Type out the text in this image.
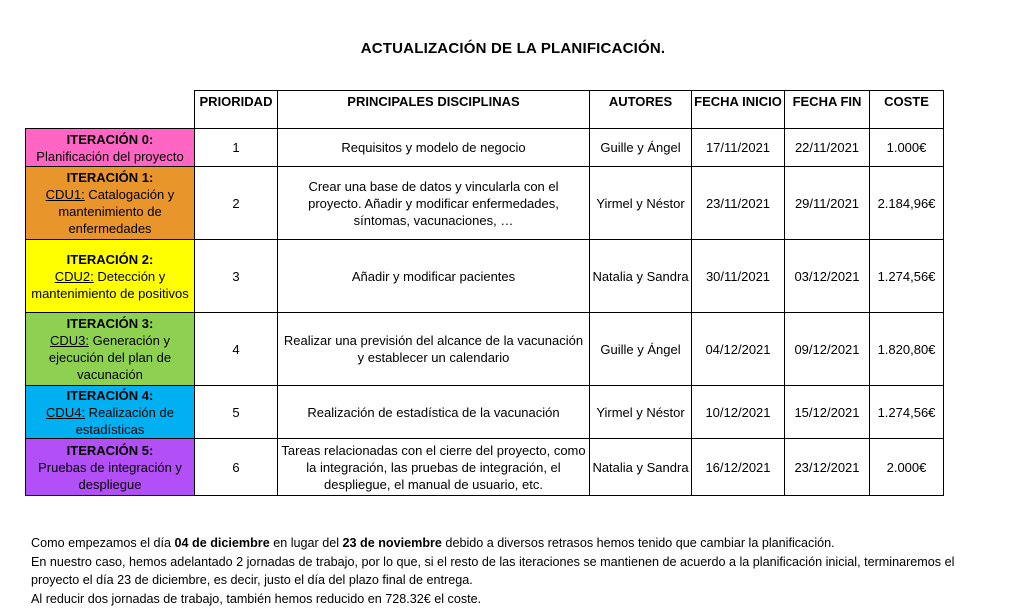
ACTUALIZACIÓN DE LA PLANIFICACIÓN.
	PRIORIDAD	PRINCIPALES DISCIPLINAS	AUTORES	FECHA INICIO	FECHA FIN	COSTE

ITERACIÓN 0:
Planificación del proyecto	1	Requisitos y modelo de negocio	Guille y Ángel	17/11/2021	22/11/2021	1.000€

ITERACIÓN 1:
CDU1: Catalogación y mantenimiento de enfermedades	2	Crear una base de datos y vincularla con el proyecto. Añadir y modificar enfermedades, síntomas, vacunaciones, …	Yirmel y Néstor	23/11/2021	29/11/2021	2.184,96€

ITERACIÓN 2:
CDU2: Detección y mantenimiento de positivos	3	Añadir y modificar pacientes	Natalia y Sandra	30/11/2021	03/12/2021	1.274,56€

ITERACIÓN 3:
CDU3: Generación y ejecución del plan de vacunación	4	Realizar una previsión del alcance de la vacunación y establecer un calendario	Guille y Ángel	04/12/2021	09/12/2021	1.820,80€

ITERACIÓN 4:
CDU4: Realización de estadísticas	5	Realización de estadística de la vacunación	Yirmel y Néstor	10/12/2021	15/12/2021	1.274,56€

ITERACIÓN 5:
Pruebas de integración y despliegue	6	Tareas relacionadas con el cierre del proyecto, como la integración, las pruebas de integración, el despliegue, el manual de usuario, etc.	Natalia y Sandra	16/12/2021	23/12/2021	2.000€

Como empezamos el día 04 de diciembre en lugar del 23 de noviembre debido a diversos retrasos hemos tenido que cambiar la planificación.

En nuestro caso, hemos adelantado 2 jornadas de trabajo, por lo que, si el resto de las iteraciones se mantienen de acuerdo a la planificación inicial, terminaremos el proyecto el día 23 de diciembre, es decir, justo el día del plazo final de entrega.

Al reducir dos jornadas de trabajo, también hemos reducido en 728.32€ el coste.
